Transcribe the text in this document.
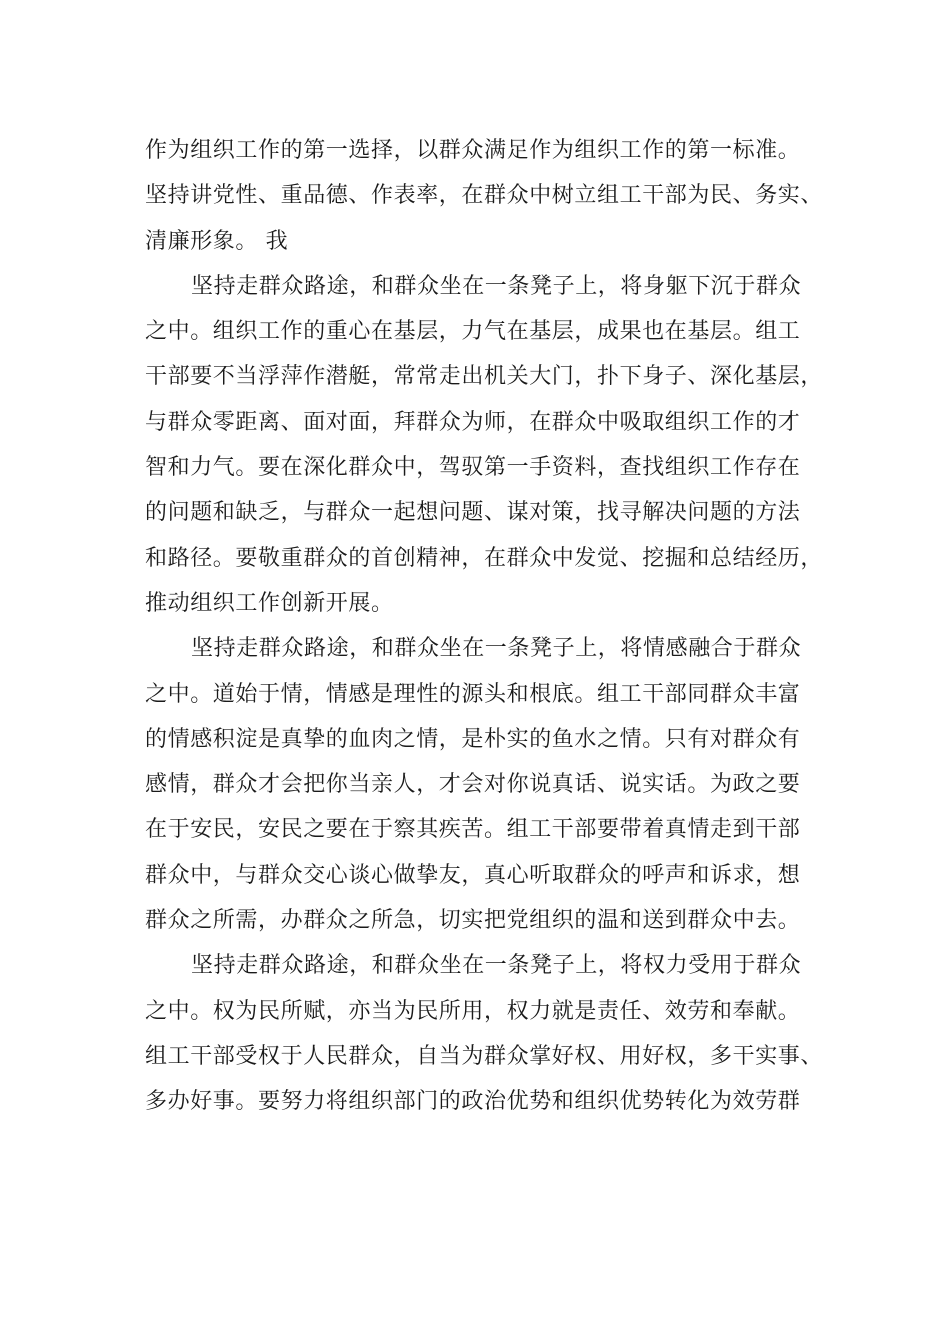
作为组织工作的第一选择，以群众满足作为组织工作的第一标准。
坚持讲党性、重品德、作表率，在群众中树立组工干部为民、务实、
清廉形象。 我
坚持走群众路途，和群众坐在一条凳子上，将身躯下沉于群众
之中。组织工作的重心在基层，力气在基层，成果也在基层。组工
干部要不当浮萍作潜艇，常常走出机关大门，扑下身子、深化基层，
与群众零距离、面对面，拜群众为师，在群众中吸取组织工作的才
智和力气。要在深化群众中，驾驭第一手资料，查找组织工作存在
的问题和缺乏，与群众一起想问题、谋对策，找寻解决问题的方法
和路径。要敬重群众的首创精神，在群众中发觉、挖掘和总结经历，
推动组织工作创新开展。
坚持走群众路途，和群众坐在一条凳子上，将情感融合于群众
之中。道始于情，情感是理性的源头和根底。组工干部同群众丰富
的情感积淀是真挚的血肉之情，是朴实的鱼水之情。只有对群众有
感情，群众才会把你当亲人，才会对你说真话、说实话。为政之要
在于安民，安民之要在于察其疾苦。组工干部要带着真情走到干部
群众中，与群众交心谈心做挚友，真心听取群众的呼声和诉求，想
群众之所需，办群众之所急，切实把党组织的温和送到群众中去。
坚持走群众路途，和群众坐在一条凳子上，将权力受用于群众
之中。权为民所赋，亦当为民所用，权力就是责任、效劳和奉献。
组工干部受权于人民群众，自当为群众掌好权、用好权，多干实事、
多办好事。要努力将组织部门的政治优势和组织优势转化为效劳群
